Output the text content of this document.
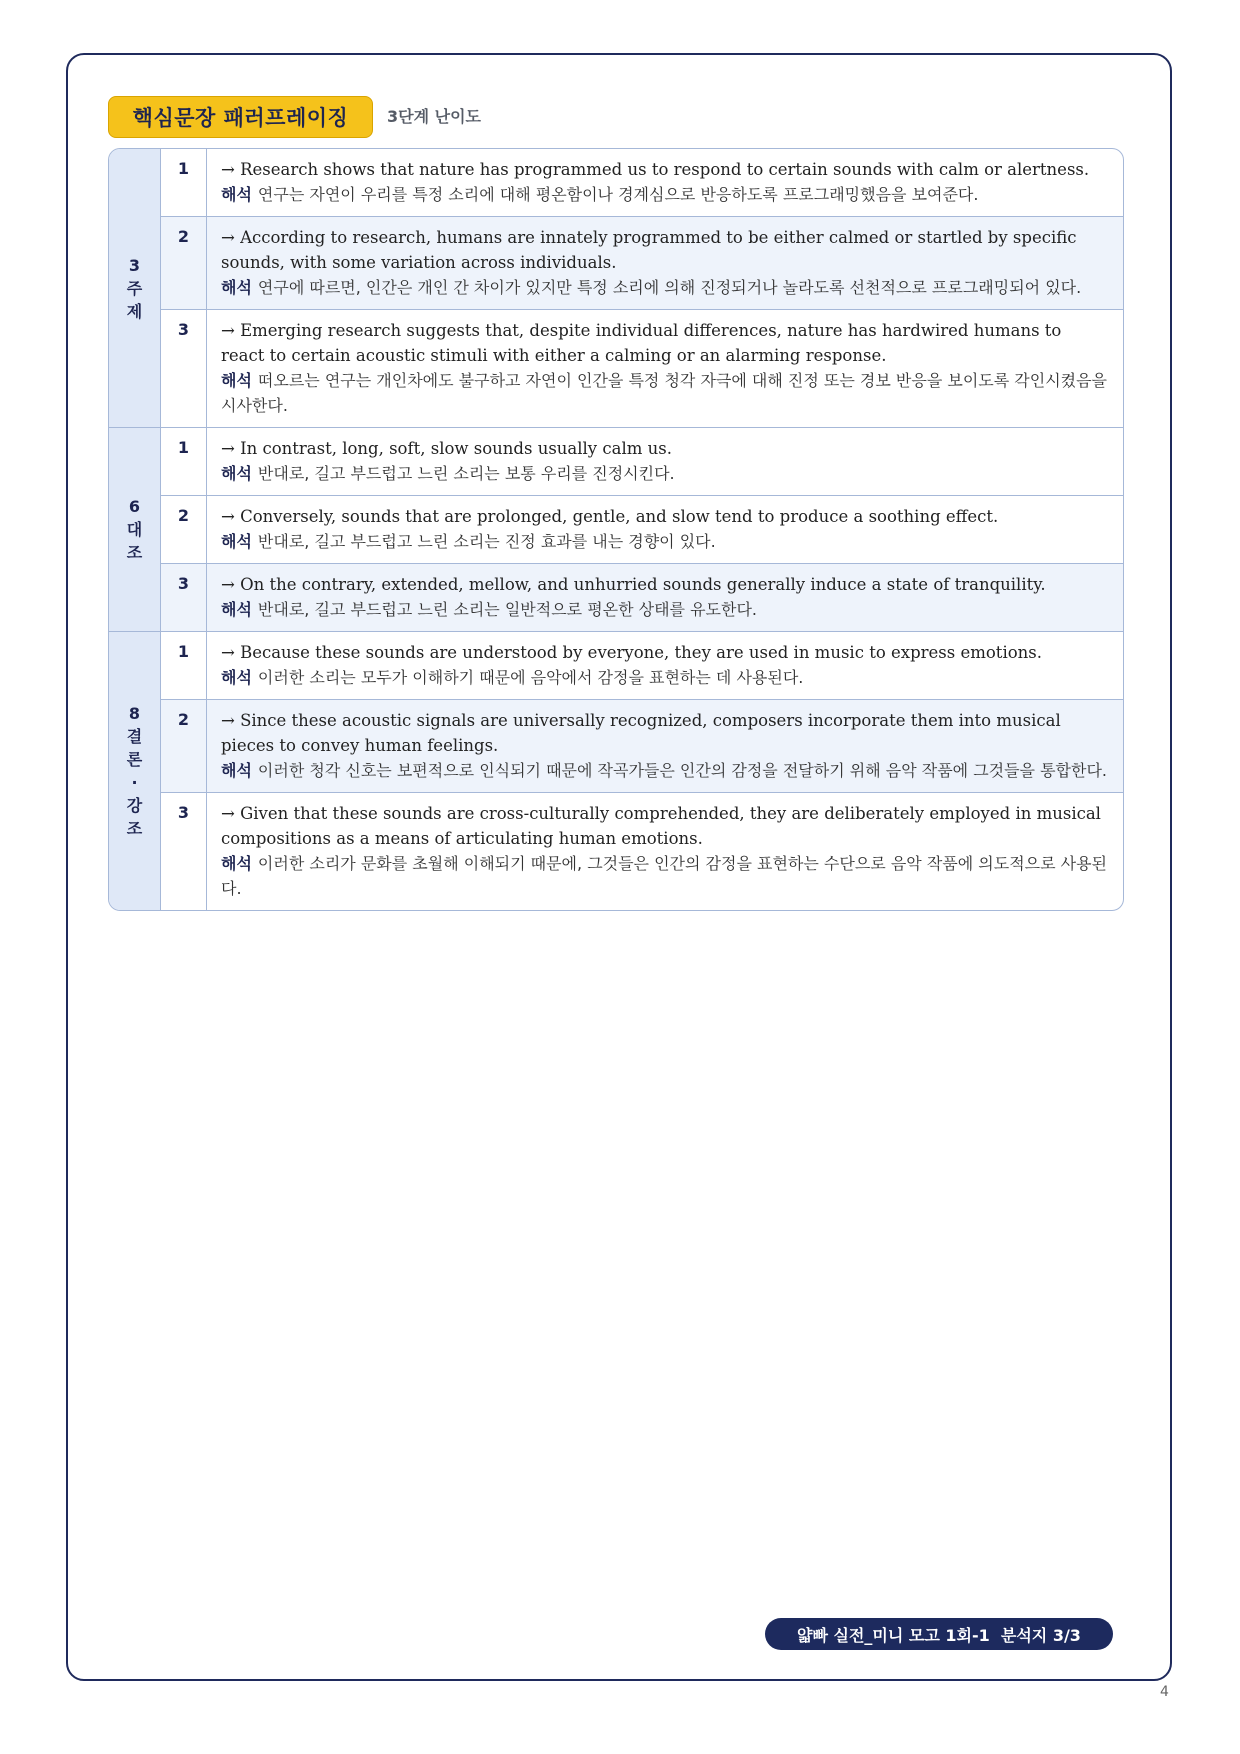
핵심문장 패러프레이징	3단계 난이도
3 주 제
1	→ Research shows that nature has programmed us to respond to certain sounds with calm or alertness.
해석 연구는 자연이 우리를 특정 소리에 대해 평온함이나 경계심으로 반응하도록 프로그래밍했음을 보여준다.
2	→ According to research, humans are innately programmed to be either calmed or startled by specific sounds, with some variation across individuals.
해석 연구에 따르면, 인간은 개인 간 차이가 있지만 특정 소리에 의해 진정되거나 놀라도록 선천적으로 프로그래밍되어 있다.
3	→ Emerging research suggests that, despite individual differences, nature has hardwired humans to react to certain acoustic stimuli with either a calming or an alarming response.
해석 떠오르는 연구는 개인차에도 불구하고 자연이 인간을 특정 청각 자극에 대해 진정 또는 경보 반응을 보이도록 각인시켰음을 시사한다.
6 대 조
1	→ In contrast, long, soft, slow sounds usually calm us.
해석 반대로, 길고 부드럽고 느린 소리는 보통 우리를 진정시킨다.
2	→ Conversely, sounds that are prolonged, gentle, and slow tend to produce a soothing effect.
해석 반대로, 길고 부드럽고 느린 소리는 진정 효과를 내는 경향이 있다.
3	→ On the contrary, extended, mellow, and unhurried sounds generally induce a state of tranquility.
해석 반대로, 길고 부드럽고 느린 소리는 일반적으로 평온한 상태를 유도한다.
8 결 론· 강 조
1	→ Because these sounds are understood by everyone, they are used in music to express emotions.
해석 이러한 소리는 모두가 이해하기 때문에 음악에서 감정을 표현하는 데 사용된다.
2	→ Since these acoustic signals are universally recognized, composers incorporate them into musical pieces to convey human feelings.
해석 이러한 청각 신호는 보편적으로 인식되기 때문에 작곡가들은 인간의 감정을 전달하기 위해 음악 작품에 그것들을 통합한다.
3	→ Given that these sounds are cross-culturally comprehended, they are deliberately employed in musical compositions as a means of articulating human emotions.
해석 이러한 소리가 문화를 초월해 이해되기 때문에, 그것들은 인간의 감정을 표현하는 수단으로 음악 작품에 의도적으로 사용된다.
얇빠 실전_미니 모고 1회-1  분석지 3/3
4
